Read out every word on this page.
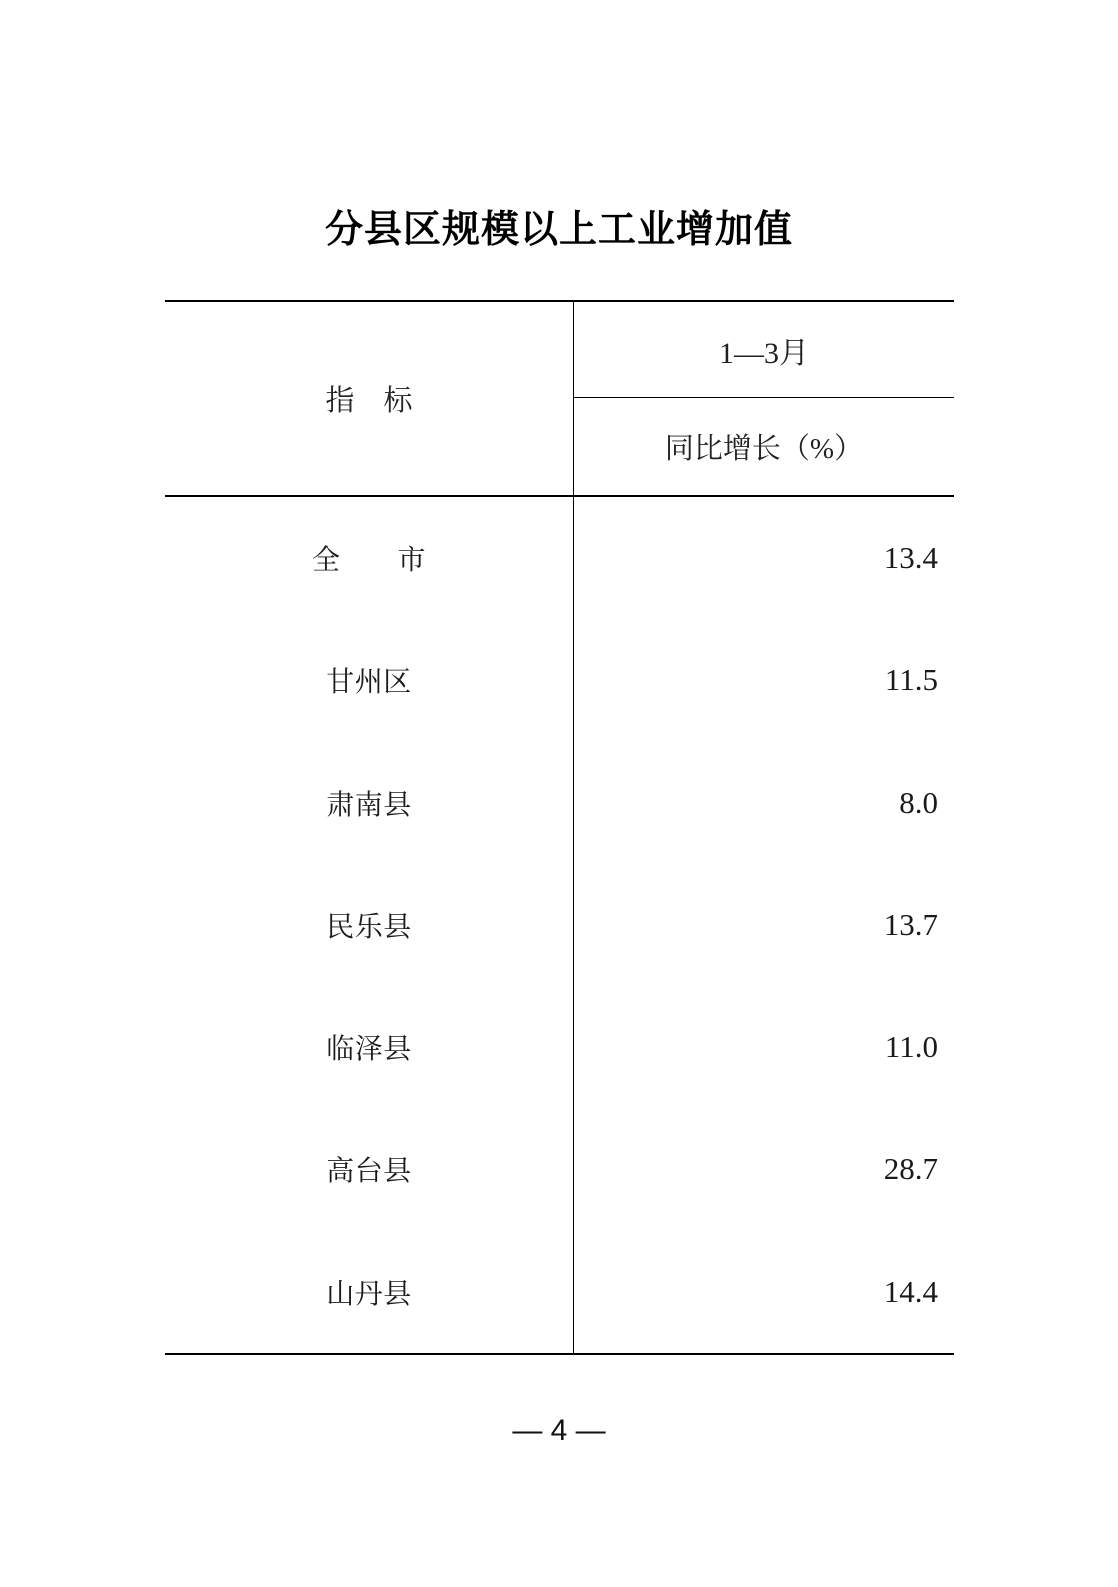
分县区规模以上工业增加值
指　标
1—3月
同比增长（%）
全　　市	13.4
甘州区	11.5
肃南县	8.0
民乐县	13.7
临泽县	11.0
高台县	28.7
山丹县	14.4
— 4 —
